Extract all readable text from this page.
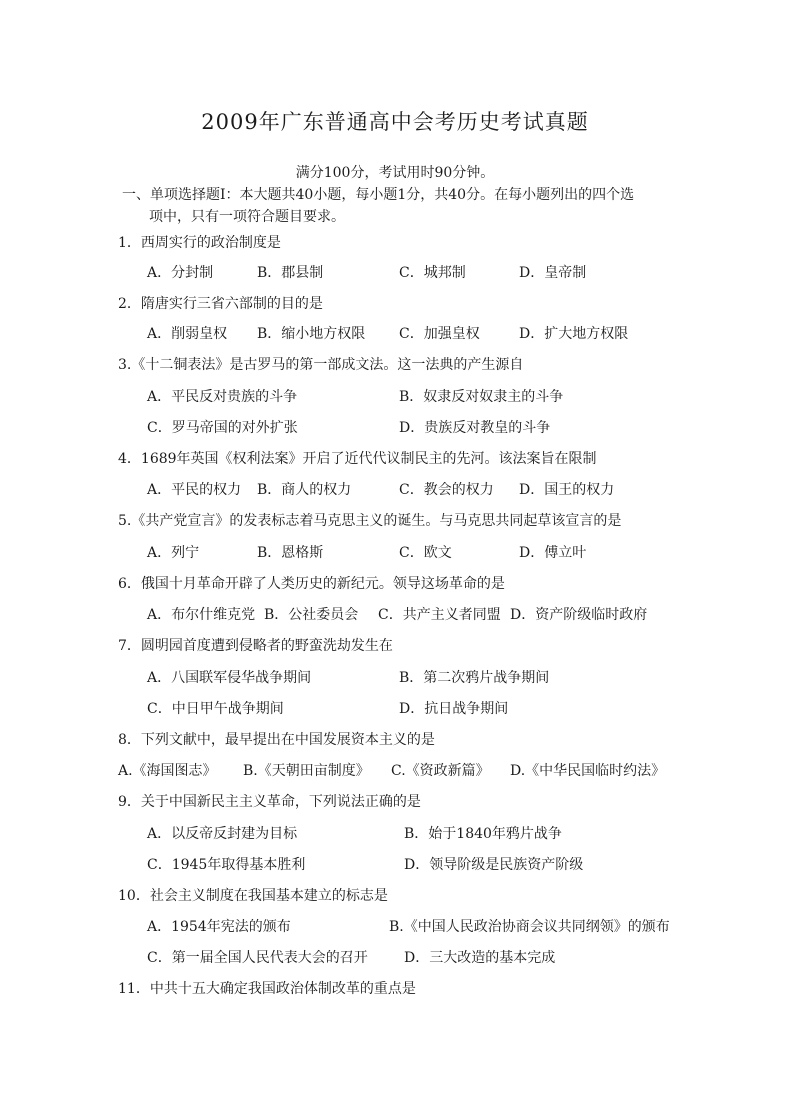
2009年广东普通高中会考历史考试真题
满分100分，考试用时90分钟。
一、单项选择题Ⅰ：本大题共40小题，每小题1分，共40分。在每小题列出的四个选
项中，只有一项符合题目要求。
1．西周实行的政治制度是
A．分封制	B．郡县制	C．城邦制	D．皇帝制
2．隋唐实行三省六部制的目的是
A．削弱皇权 B．缩小地方权限 C．加强皇权	D．扩大地方权限
3.《十二铜表法》是古罗马的第一部成文法。这一法典的产生源自
A．平民反对贵族的斗争	B．奴隶反对奴隶主的斗争
C．罗马帝国的对外扩张	D．贵族反对教皇的斗争
4．1689年英国《权利法案》开启了近代代议制民主的先河。该法案旨在限制
A．平民的权力 B．商人的权力	C．教会的权力 D．国王的权力
5.《共产党宣言》的发表标志着马克思主义的诞生。与马克思共同起草该宣言的是
A．列宁	B．恩格斯	C．欧文	D．傅立叶
6．俄国十月革命开辟了人类历史的新纪元。领导这场革命的是
A．布尔什维克党 B．公社委员会 C．共产主义者同盟 D．资产阶级临时政府
7．圆明园首度遭到侵略者的野蛮洗劫发生在
A．八国联军侵华战争期间	B．第二次鸦片战争期间
C．中日甲午战争期间	D．抗日战争期间
8．下列文献中，最早提出在中国发展资本主义的是
A.《海国图志》 B.《天朝田亩制度》 C.《资政新篇》 D.《中华民国临时约法》
9．关于中国新民主主义革命，下列说法正确的是
A．以反帝反封建为目标	B．始于1840年鸦片战争
C．1945年取得基本胜利	D．领导阶级是民族资产阶级
10．社会主义制度在我国基本建立的标志是
A．1954年宪法的颁布	B.《中国人民政治协商会议共同纲领》的颁布
C．第一届全国人民代表大会的召开	D．三大改造的基本完成
11．中共十五大确定我国政治体制改革的重点是
